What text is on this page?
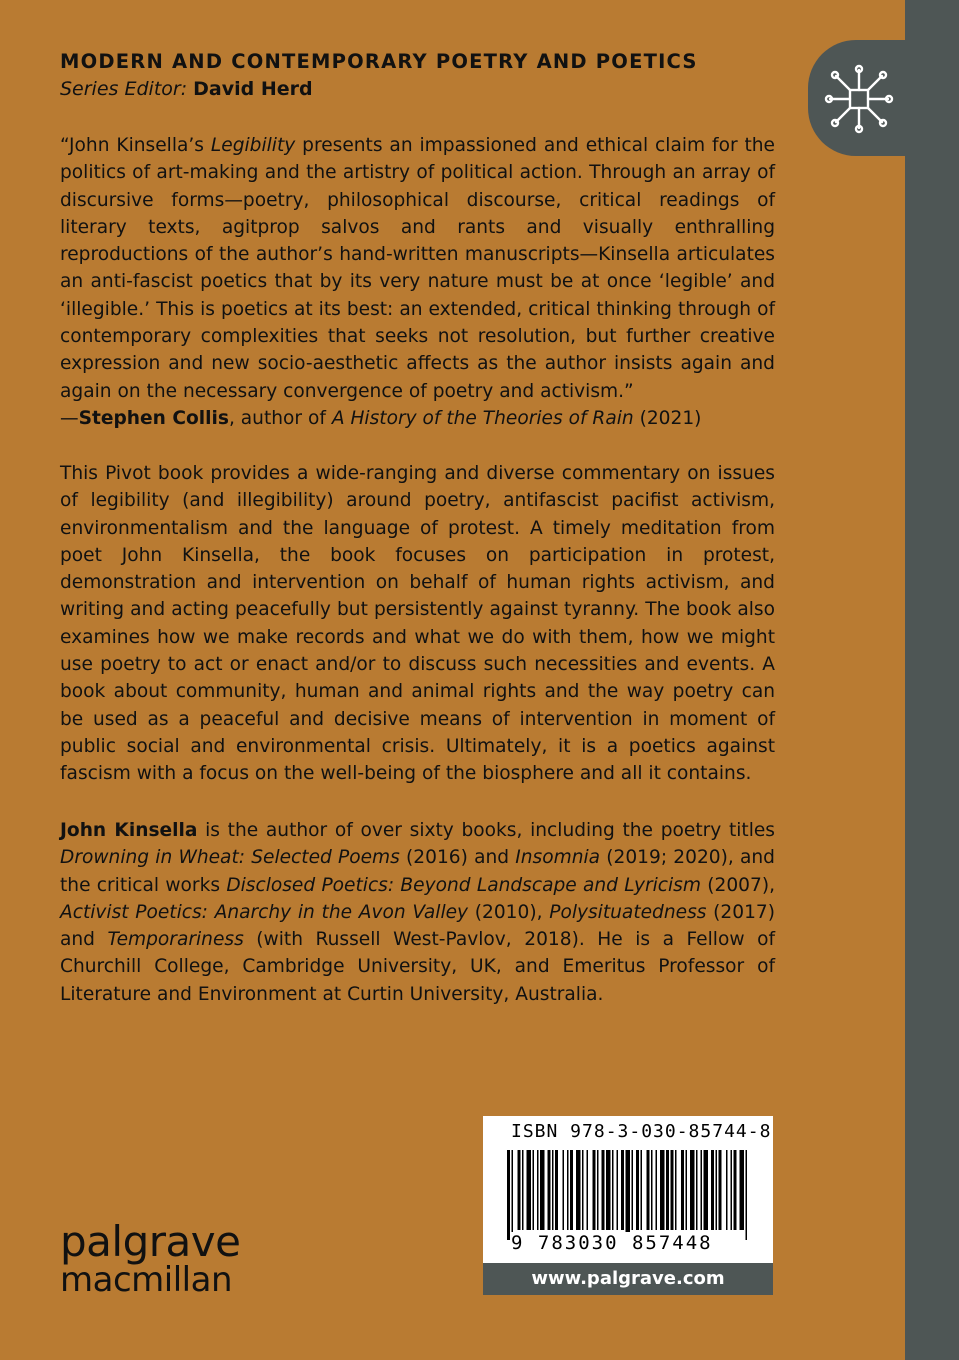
MODERN AND CONTEMPORARY POETRY AND POETICS
Series Editor: David Herd
“John Kinsella’s Legibility presents an impassioned and ethical claim for the politics of art-making and the artistry of political action. Through an array of discursive forms—poetry, philosophical discourse, critical readings of literary texts, agitprop salvos and rants and visually enthralling reproductions of the author’s hand-written manuscripts—Kinsella articulates an anti-fascist poetics that by its very nature must be at once ‘legible’ and ‘illegible.’ This is poetics at its best: an extended, critical thinking through of contemporary complexities that seeks not resolution, but further creative expression and new socio-aesthetic affects as the author insists again and again on the necessary convergence of poetry and activism.”
—Stephen Collis, author of A History of the Theories of Rain (2021)
This Pivot book provides a wide-ranging and diverse commentary on issues of legibility (and illegibility) around poetry, antifascist pacifist activism, environmentalism and the language of protest. A timely meditation from poet John Kinsella, the book focuses on participation in protest, demonstration and intervention on behalf of human rights activism, and writing and acting peacefully but persistently against tyranny. The book also examines how we make records and what we do with them, how we might use poetry to act or enact and/or to discuss such necessities and events. A book about community, human and animal rights and the way poetry can be used as a peaceful and decisive means of intervention in moment of public social and environmental crisis. Ultimately, it is a poetics against fascism with a focus on the well-being of the biosphere and all it contains.
John Kinsella is the author of over sixty books, including the poetry titles Drowning in Wheat: Selected Poems (2016) and Insomnia (2019; 2020), and the critical works Disclosed Poetics: Beyond Landscape and Lyricism (2007), Activist Poetics: Anarchy in the Avon Valley (2010), Polysituatedness (2017) and Temporariness (with Russell West-Pavlov, 2018). He is a Fellow of Churchill College, Cambridge University, UK, and Emeritus Professor of Literature and Environment at Curtin University, Australia.
palgrave
macmillan
ISBN 978-3-030-85744-8
9 783030 857448
www.palgrave.com
